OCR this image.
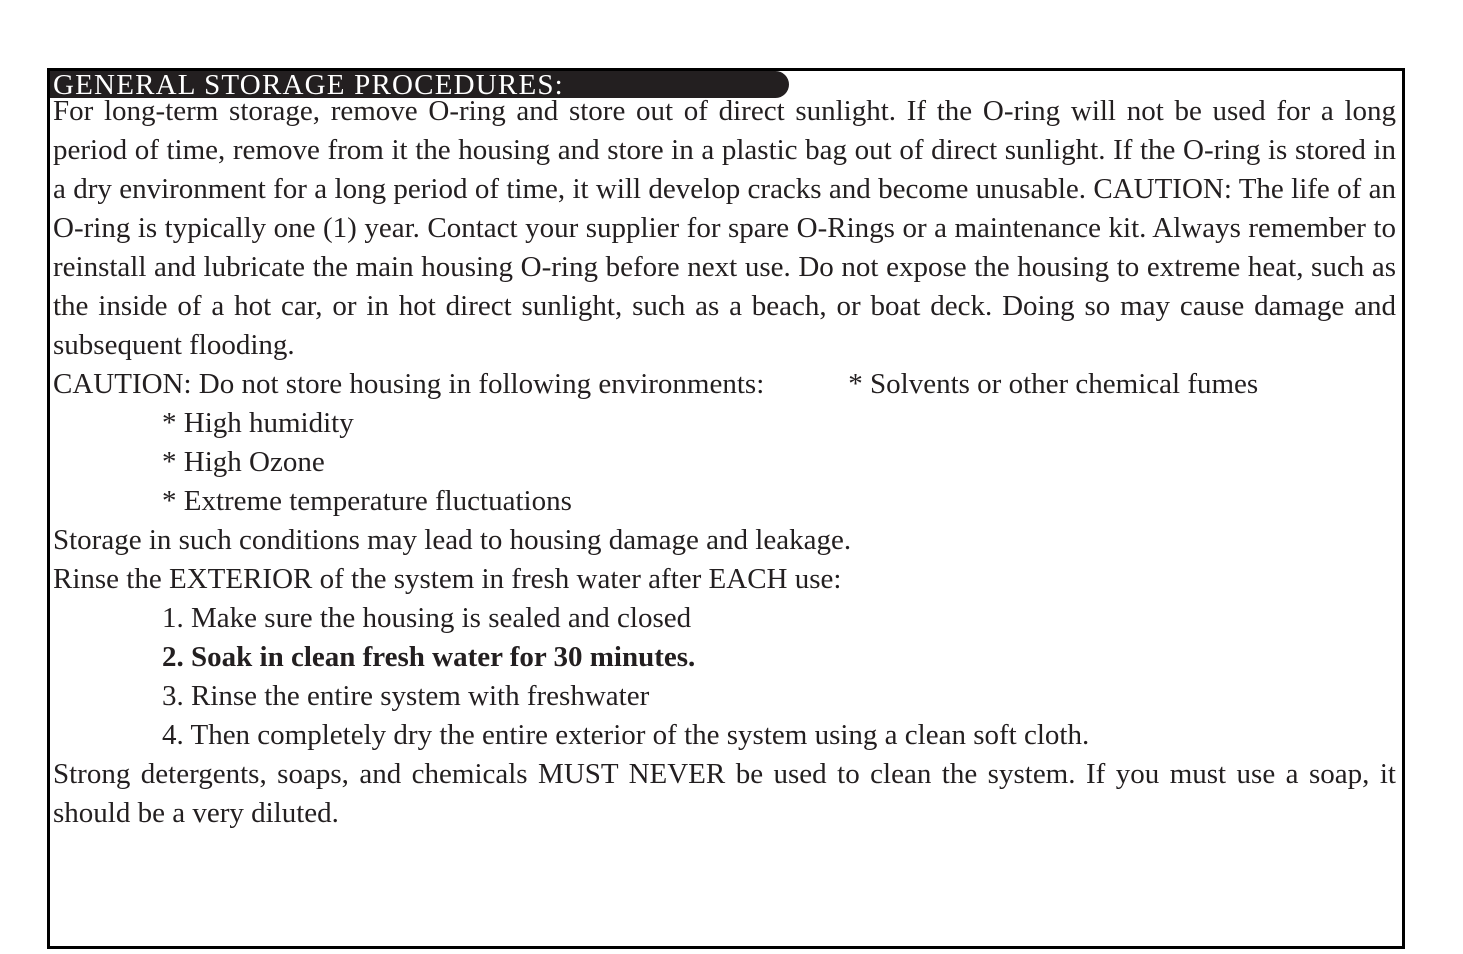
GENERAL STORAGE PROCEDURES:

For long-term storage, remove O-ring and store out of direct sunlight. If the O-ring will not be used for a long period of time, remove from it the housing and store in a plastic bag out of direct sunlight. If the O-ring is stored in a dry environment for a long period of time, it will develop cracks and become unusable. CAUTION: The life of an O-ring is typically one (1) year. Contact your supplier for spare O-Rings or a maintenance kit. Always remember to reinstall and lubricate the main housing O-ring before next use. Do not expose the housing to extreme heat, such as the inside of a hot car, or in hot direct sunlight, such as a beach, or boat deck. Doing so may cause damage and subsequent flooding.

CAUTION: Do not store housing in following environments:	* Solvents or other chemical fumes

* High humidity

* High Ozone

* Extreme temperature fluctuations

Storage in such conditions may lead to housing damage and leakage.

Rinse the EXTERIOR of the system in fresh water after EACH use:

1. Make sure the housing is sealed and closed

2. Soak in clean fresh water for 30 minutes.

3. Rinse the entire system with freshwater

4. Then completely dry the entire exterior of the system using a clean soft cloth.

Strong detergents, soaps, and chemicals MUST NEVER be used to clean the system. If you must use a soap, it should be a very diluted.
